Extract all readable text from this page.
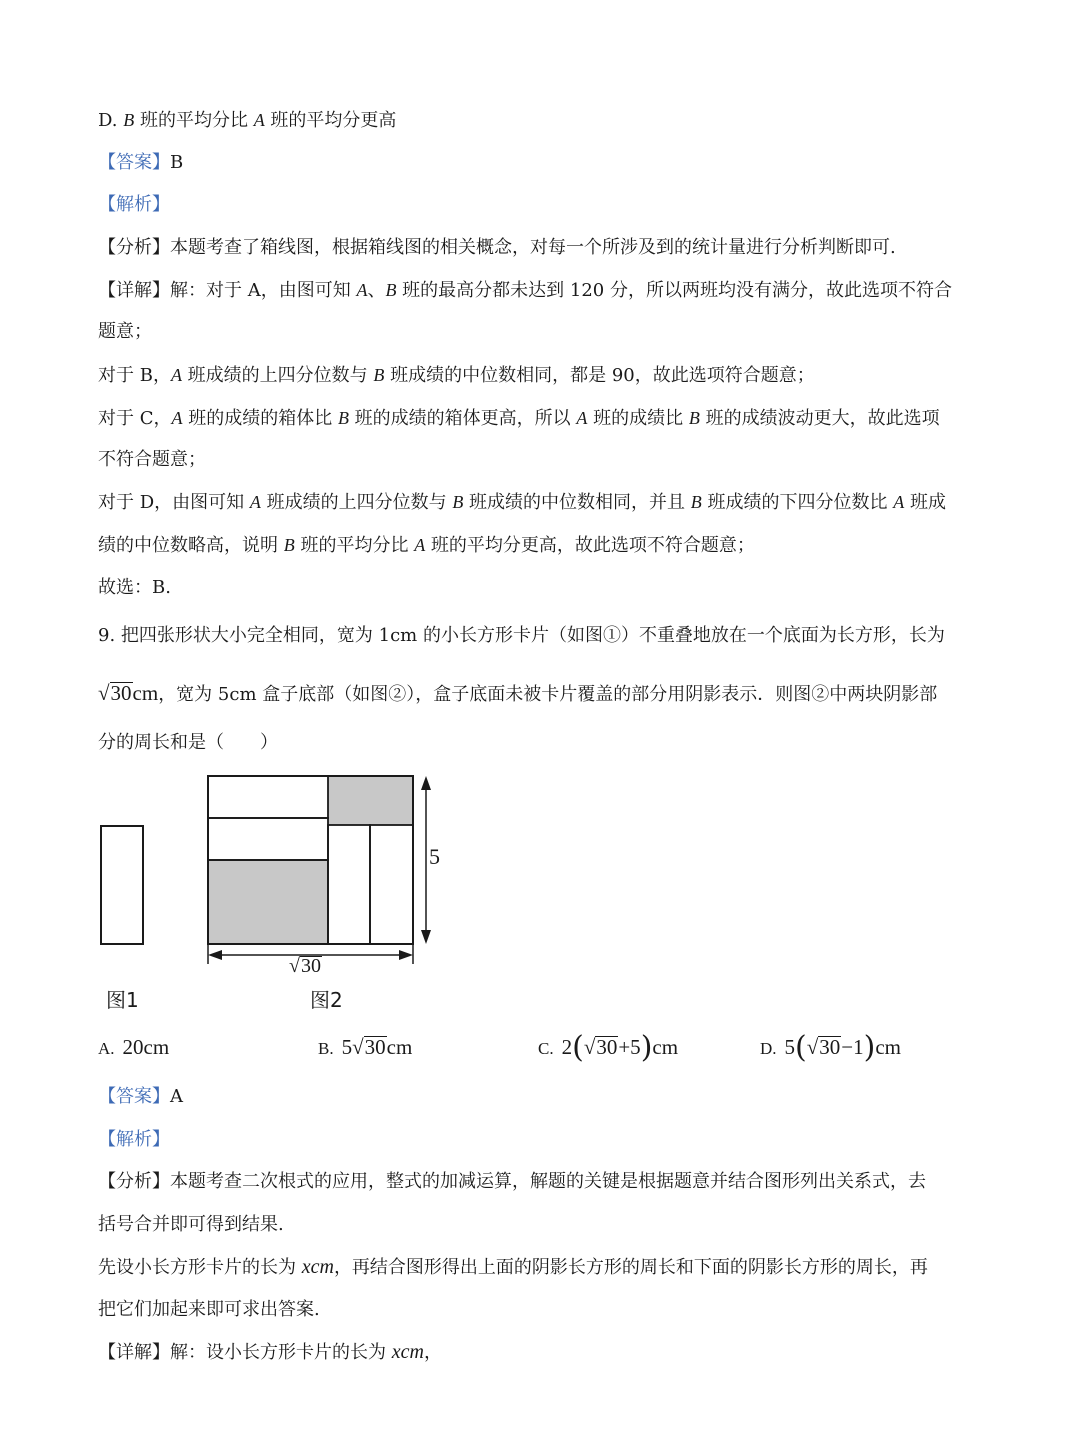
D. B 班的平均分比 A 班的平均分更高
【答案】B
【解析】
【分析】本题考查了箱线图，根据箱线图的相关概念，对每一个所涉及到的统计量进行分析判断即可.
【详解】解：对于 A，由图可知 A、B 班的最高分都未达到 120 分，所以两班均没有满分，故此选项不符合
题意；
对于 B，A 班成绩的上四分位数与 B 班成绩的中位数相同，都是 90，故此选项符合题意；
对于 C，A 班的成绩的箱体比 B 班的成绩的箱体更高，所以 A 班的成绩比 B 班的成绩波动更大，故此选项
不符合题意；
对于 D，由图可知 A 班成绩的上四分位数与 B 班成绩的中位数相同，并且 B 班成绩的下四分位数比 A 班成
绩的中位数略高，说明 B 班的平均分比 A 班的平均分更高，故此选项不符合题意；
故选：B.
9. 把四张形状大小完全相同，宽为 1cm 的小长方形卡片（如图①）不重叠地放在一个底面为长方形，长为
√30cm，宽为 5cm 盒子底部（如图②），盒子底面未被卡片覆盖的部分用阴影表示．则图②中两块阴影部
分的周长和是（　　）
5
√30
图1	图2
A. 20cm	B. 5√30cm	C. 2(√30+5)cm	D. 5(√30−1)cm
【答案】A
【解析】
【分析】本题考查二次根式的应用，整式的加减运算，解题的关键是根据题意并结合图形列出关系式，去
括号合并即可得到结果.
先设小长方形卡片的长为 xcm，再结合图形得出上面的阴影长方形的周长和下面的阴影长方形的周长，再
把它们加起来即可求出答案.
【详解】解：设小长方形卡片的长为 xcm，
